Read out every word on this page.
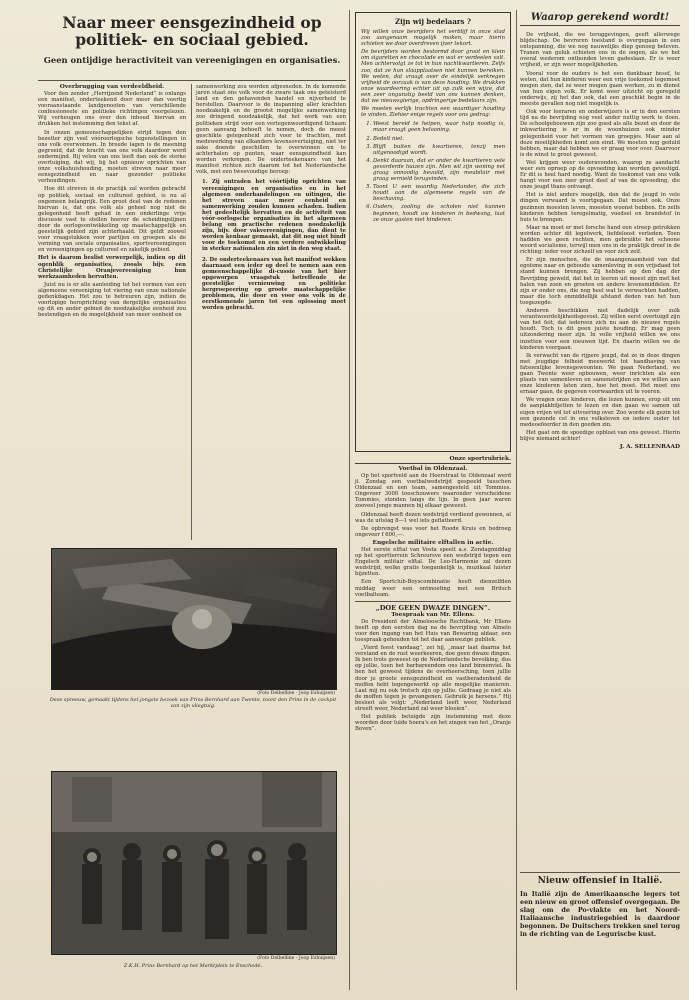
Naar meer eensgezindheid op politiek- en sociaal gebied.
Geen ontijdige heractiviteit van vereenigingen en organisaties.
Overbrugging van verdeeldheid.

Voor den zender „Herrijzend Nederland” is onlangs een manifest, onderteekend door meer dan veertig vooraanstaande landgenooten van verschillende confessioneele en politieke richtingen voorgelezen. Wij verheugen ons over den inhoud hiervan en drukken het instemming den tekst af.

In onzen gemeenschappelijken strijd tegen den bezetter zijn veel vóóroorlogsche tegenstellingen in ons volk overwonnen. In breede lagen is de meening gegroeid, dat de kracht van ons volk daardoor werd ondermijnd. Bij velen van ons leeft dan ook de sterke overtuiging, dat wij, bij het opnieuw oprichten van onze volkshuishouding, moeten streven naar meer eensgezindheid en naar gezonder politieke verhoudingen.

Hoe dit streven in de practijk zal worden gebracht op politiek, sociaal en cultureel gebied, is nu al ongemeen belangrijk. Een groot deel van de redenen hiervan is, dat ons volk als geheel nog niet de gelegenheid heeft gehad in een onderlinge vrije discussie vast te stellen hoever de scheidingslijnen door de oorlogsontwikkeling op maatschappelijk en geestelijk gebied zijn achterhaald. Dit geldt zoowel voor vraagstukken voor partijen en groepen als de vorming van sociale organisaties, sportvereenigingen en vereenigingen op cultureel en zakelijk gebied.

Het is daarom beslist verwerpelijk, indien op dit ogenblik organisaties, zooals bijv. een Christelijke Oranjevereeniging hun werkzaamheden hervatten.

Juist nu is er alle aanleiding tot het vormen van een algemeene vereeniging tot viering van onze nationale gedenkdagen. Het zou te betreuren zijn, indien de voorlopige heroprichting van dergelijke organisaties op dit en ander gebied de noodzakelijke eenheid zou bestendigen en de mogelijkheid van meer eenheid en

samenwerking zou worden afgesneden. In de komende jaren staat ons volk voor de zware taak ons geteisterd land en den gehavenden handel en nijverheid te herstellen. Daarvoor is de inspanning aller krachten noodzakelijk en de grootst mogelijke samenwerking zoo dringend noodzakelijk, dat het werk van een politieken strijd voor een vertegenwoordigend lichaam geen aanvang behoeft te nemen, doch de meest geschikte gelegenheid zich voor te trachten, met medewerking van elkanders levensovertuiging, niet ter zake doende geschillen te overwinnen en te achterhalen op punten, waar eensgezindheid kan worden verkregen. De onderteekenaars van het manifest richten zich daarom tot het Nederlandsche volk, met een tweevoudige beroep:

1. Zij ontraden het vóórtijdig oprichten van vereenigingen en organisaties en in het algemeen onderhandelingen en uitingen, die het streven naar meer eenheid en samenwerking zouden kunnen schaden. Indien het gedeeltelijk hervatten en de activiteit van vóór-oorlogsche organisaties in het algemeen belang om practische redenen noodzakelijk zijn, bijv. door vakvereenigingen, dan dient te worden kenbaar gemaakt, dat dit nog niet bindt voor de toekomst en een verdere ontwikkeling in sterker nationalen zin niet in den weg staat.

2. De onderteekenaars van het manifest wekken daarnaast een ieder op deel te nemen aan een gemeenschappelijke di-cussie van het hier opgeworpen vraagstuk betreffende de geestelijke vernieuwing en politieke hergroepeering op groote maatschappelijke problemen, die door en voor ons volk in de eerstkomende jaren tot een oplossing moet worden gebracht.

(Foto Delbelline - Joop Eshuijsen)
Deze spreeuw, gemaakt tijdens het jongste bezoek van Prins Bernhard aan Twente, toont den Prins in de cockpit van zijn vliegtuig.
(Foto Delbelline - Joop Eshuijsen)
Z.K.H. Prins Bernhard op het Marktplein te Enschedé.
Zijn wij bedelaars ?
Wij willen onze bevrijders het verblijf in onze stad zoo aangenaam mogelijk maken, maar hierin schieten we door overdreven ijver tekort.
De bevrijders worden bestormd door groot en klein om sigaretten en chocolade en wat er verdeelen valt. Men achtervolgt ze tot in hun nachtkwartieren. Zelfs zoo, dat ze hun slaapplaatsen niet kunnen bereiken. We weten, dat vraagt over de eindelijk verkregen vrijheid de oorzaak is van deze houding. We drukken onze waardeering echter uit op zulk een wijze, dat een zeer ongunstig beeld van ons kunnen denken, dat we nieuwsgierige, opdringerige bedelaars zijn.
We moeten eerlijk trachten een waardiger houding te vinden. Ziehier enige regels voor ons gedrag:
1. Weest bereid te helpen, waar hulp noodig is, maar vraagt geen belooning.
2. Bedelt niet.
3. Blijft buiten de kwartieren, tenzij men uitgenoodigd wordt.
4. Denkt daaraan, dat er onder de kwartieren vele gevorderde huizen zijn. Men wil zijn woning net graag onnoodig bevuild, zijn meubilair met graag vernield terugvinden.
5. Toont U een waardig Nederlander, die zich houdt aan de algemeene regels van de beschaving.
6. Ouders, zooling de scholen niet kunnen beginnen, houdt uw kinderen in bedwang, laat ze onze gasten niet hinderen.
Onze sportrubriek.
Voetbal in Oldenzaal.

Op het sportveld aan de Heerstraat te Oldenzaal werd jl. Zondag een voetbalwedstrijd gespeeld tusschen Oldenzaal en een team, samengesteld uit Tommies. Ongeveer 3000 toeschouwers waaronder verscheidene Tommies, stonden langs de lijn. In geen jaar waren zooveel jonge mannen bij elkaar geweest.

Oldenzaal heeft dezen wedstrijd verdiend gewonnen, al was de uitslag 8—1 wel iets geflatteerd.

De opbrengst was voor het Roode Kruis en bedroeg ongeveer f 600,—.

Engelsche militaire elftallen in actie.

Het eerste elftal van Vosta speelt a.s. Zondagmiddag op het sportterrein Schreursve een wedstrijd tegen een Engelsch militair elftal. De Leo-Harmonie zal dezen wedstrijd, welke gratis toegankelijk is, muzikaal luister bijzetten.

Een Sportclub-Boyscombinatie heeft dienzelfden middag weer een ontmoeting met een Britsch voetbalteam.

„DOE GEEN DWAZE DINGEN”.
Toespraak van Mr. Ellens.

De President der Almeloosche Rechtbank, Mr Ellens heeft op den eersten dag na de bevrijding van Almelo voor den ingang van het Huis van Bewaring aldaar, een toespraak gehouden tot het daar aanwezige publiek.

„Vierd feest vandaag”, zei hij, „maar laat daarna het verstand en de rust weerkeeren, doe geen dwaze dingen. Ik ben trots geweest op de Nederlandsche bevolking, dus op jullie, toen het barbareendom ons land binnenviel. Ik ben het geweest tijdens de overheersching, toen jullie door je groote eensgezindheid en vastberadenheid de moffen hebt tegengewerkt op alle mogelijke manieren. Laat mij nu ook trotsch zijn op jullie. Gedraag je niet als de moffen tegen je gevangenen. Gebruik je hersens.” Hij besloot als volgt: „Nederland leeft weer, Nederland streeft weer, Nederland zal weer bloeien”.

Het publiek betuigde zijn instemming met deze woorden door luide hoera's en het zingen van het „Oranje Boven”.

Waarop gerekend wordt!

De vrijheid, die we teruggevingen, geeft allerwege blijdschap. De bevroren toestand is overgegaan in een ontspanning, die we nog nauwelijks diep genoeg beleven. Tranen van geluk schieten ons in de oogen, als we het overal wederom ontbonden leven gadeslaan. Er is weer vrijheid, er zijn weer mogelijkheden.

Vooral voor de ouders is het een dankbaar besef, te weten, dat hun kinderen weer een vrije toekomst tegemoet mogen zien, dat ze weer mogen gaan werken, zu in dienst van hun eigen volk. Er komt weer uitzicht op geregeld onderwijs, zij het dan ook, dat een geschikt begin in de meeste gevallen nog niet mogelijk is.

Ook voor leeraren en onderwijzers is er in den eersten tijd na de bevrijding nog veel ander nuttig werk te doen. De schoolgebouwen zijn zoo goed als alle bezet en door de inkwartiering is er in de woonhuizen ook minder gelegenheid voor het vormen van groepjes. Maar aan al deze moeilijkheden komt een eind. We moeten nog geduld hebben, maar dat hebben we er graag voor over. Daarvoor is de winst te groot geweest.

Wel krijgen weer ouderavonden, waarop ze aandacht weer een oproep op de opvoeding kan worden gevestigd. Er dit is heel hard noodig. Want de toekomst van ons volk hangt voor een zeer groot deel af van de opvoeding, die onze jeugd thans ontvangt.

Het is niet anders mogelijk, dan dat de jeugd in vele dingen verwaard is voortgegaan. Dat moest ook. Onze gezinnen moesten leven, moesten woonst hebben. En zelfs kinderen hebben teregelmatig, voedsel en brandstof in huis te brengen.

Maar na moet er met forsche hand een streep getrokken worden achter dit legelwerk, liefdeloost verleden. Toen hadden we geen rechten, men gebruikte het schoone woord socialisme, terwijl men ons in de praktijk dreef in de richting: ieder voor zichzelf en voor zich zelf.

Er zijn menschen, die de onaangenaamheid van dat egoïsme naar en geboude samenleving in een vrijsdaad tot stand kunnen brengen. Zij hebben op den dag der Bevrijding geweld, dat het in leeren uit moest zijn met het halen van zoen en groeten en andere levensmiddelen. Er zijn er onder ons, die nog heel wat te verwachten hadden, maar die toch onmiddellijk afstand deden van het hun toegezegde.

Anderen beschikken niet dadelijk over zulk verantwoordelijkheidsgevoel. Zij willen eerst overtuigd zijn van het feit, dat iedereen zich nu aan de nieuwe regels houdt. Toch is dit geen juiste houding. Er mag geen uitzondering meer zijn. In volle vrijheid willen we ons inzetten voor een nieuwen tijd. En daarin willen we de kinderen voorgaan.

Ik verwacht van de rijpere jeugd, dat ze in deze dingen met jeugdige felheid meewerkt tot handhaving van fatsoenlijke levensgewoonten. We gaan Nederland, we gaan Twente weer opbouwen, weer inrichten als een plaats van samenleven en samenstrijden en we willen aan onze kinderen laten zien, hoe het moet. Het moet ons ernaar gaan, de gegeven voorwaarden uit te voeren.

We vragen onze kinderen, die lezen kunnen, erop uit om de aanplakbiljetten te lezen en dan gaan we samen uit eigen vrijen wil tot uitvoering over. Zoo worde elk gezin tot een gezonde cel in ons volksleven en iedere ouder tot medeoefeerder in den goeden zin.

Het gaat om de spoedige opbloei van ons gewest. Hierin blijve niemand achter!

J. A. SELLENRAAD
Nieuw offensief in Italië.
In Italië zijn de Amerikaansche legers tot een nieuw en groot offensief overgegaan. De slag om de Po-vlakte en het Noord-Italiaansche industriegebied is daardoor begonnen. De Duitschers trekken snel terug in de richting van de Leguriscbe kust.
